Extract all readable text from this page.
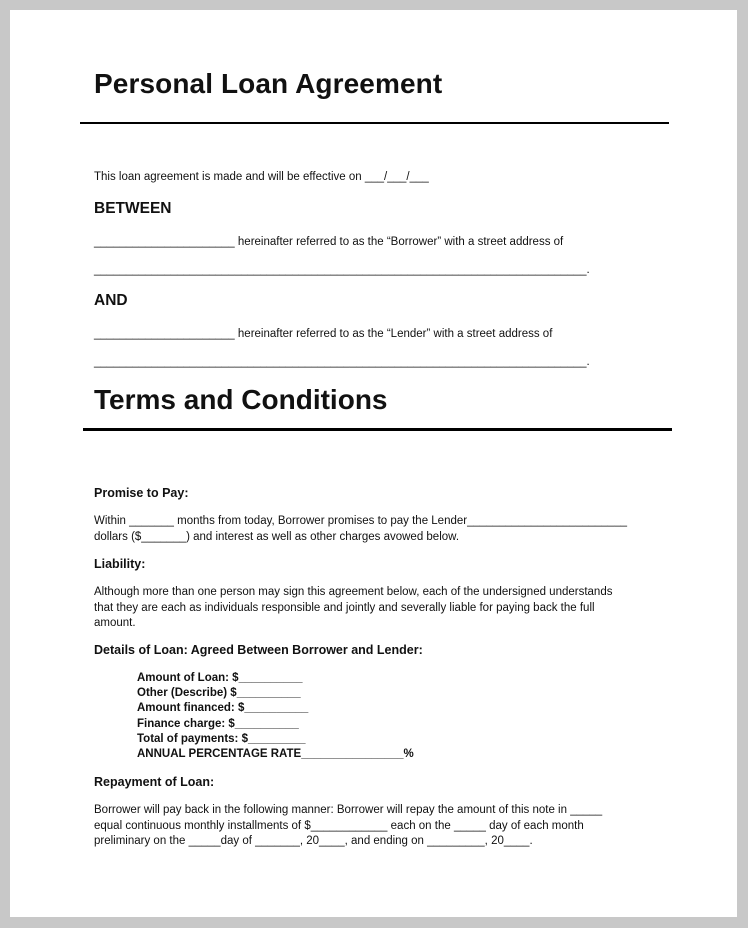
Personal Loan Agreement
This loan agreement is made and will be effective on ___/___/___
BETWEEN
______________________ hereinafter referred to as the “Borrower” with a street address of
_____________________________________________________________________________.
AND
______________________ hereinafter referred to as the “Lender” with a street address of
_____________________________________________________________________________.
Terms and Conditions
Promise to Pay:
Within _______ months from today, Borrower promises to pay the Lender_________________________
dollars ($_______) and interest as well as other charges avowed below.
Liability:
Although more than one person may sign this agreement below, each of the undersigned understands
that they are each as individuals responsible and jointly and severally liable for paying back the full
amount.
Details of Loan: Agreed Between Borrower and Lender:
Amount of Loan: $__________
Other (Describe) $__________
Amount financed: $__________
Finance charge: $__________
Total of payments: $_________
ANNUAL PERCENTAGE RATE________________%
Repayment of Loan:
Borrower will pay back in the following manner: Borrower will repay the amount of this note in _____
equal continuous monthly installments of $____________ each on the _____ day of each month
preliminary on the _____day of _______, 20____, and ending on _________, 20____.
